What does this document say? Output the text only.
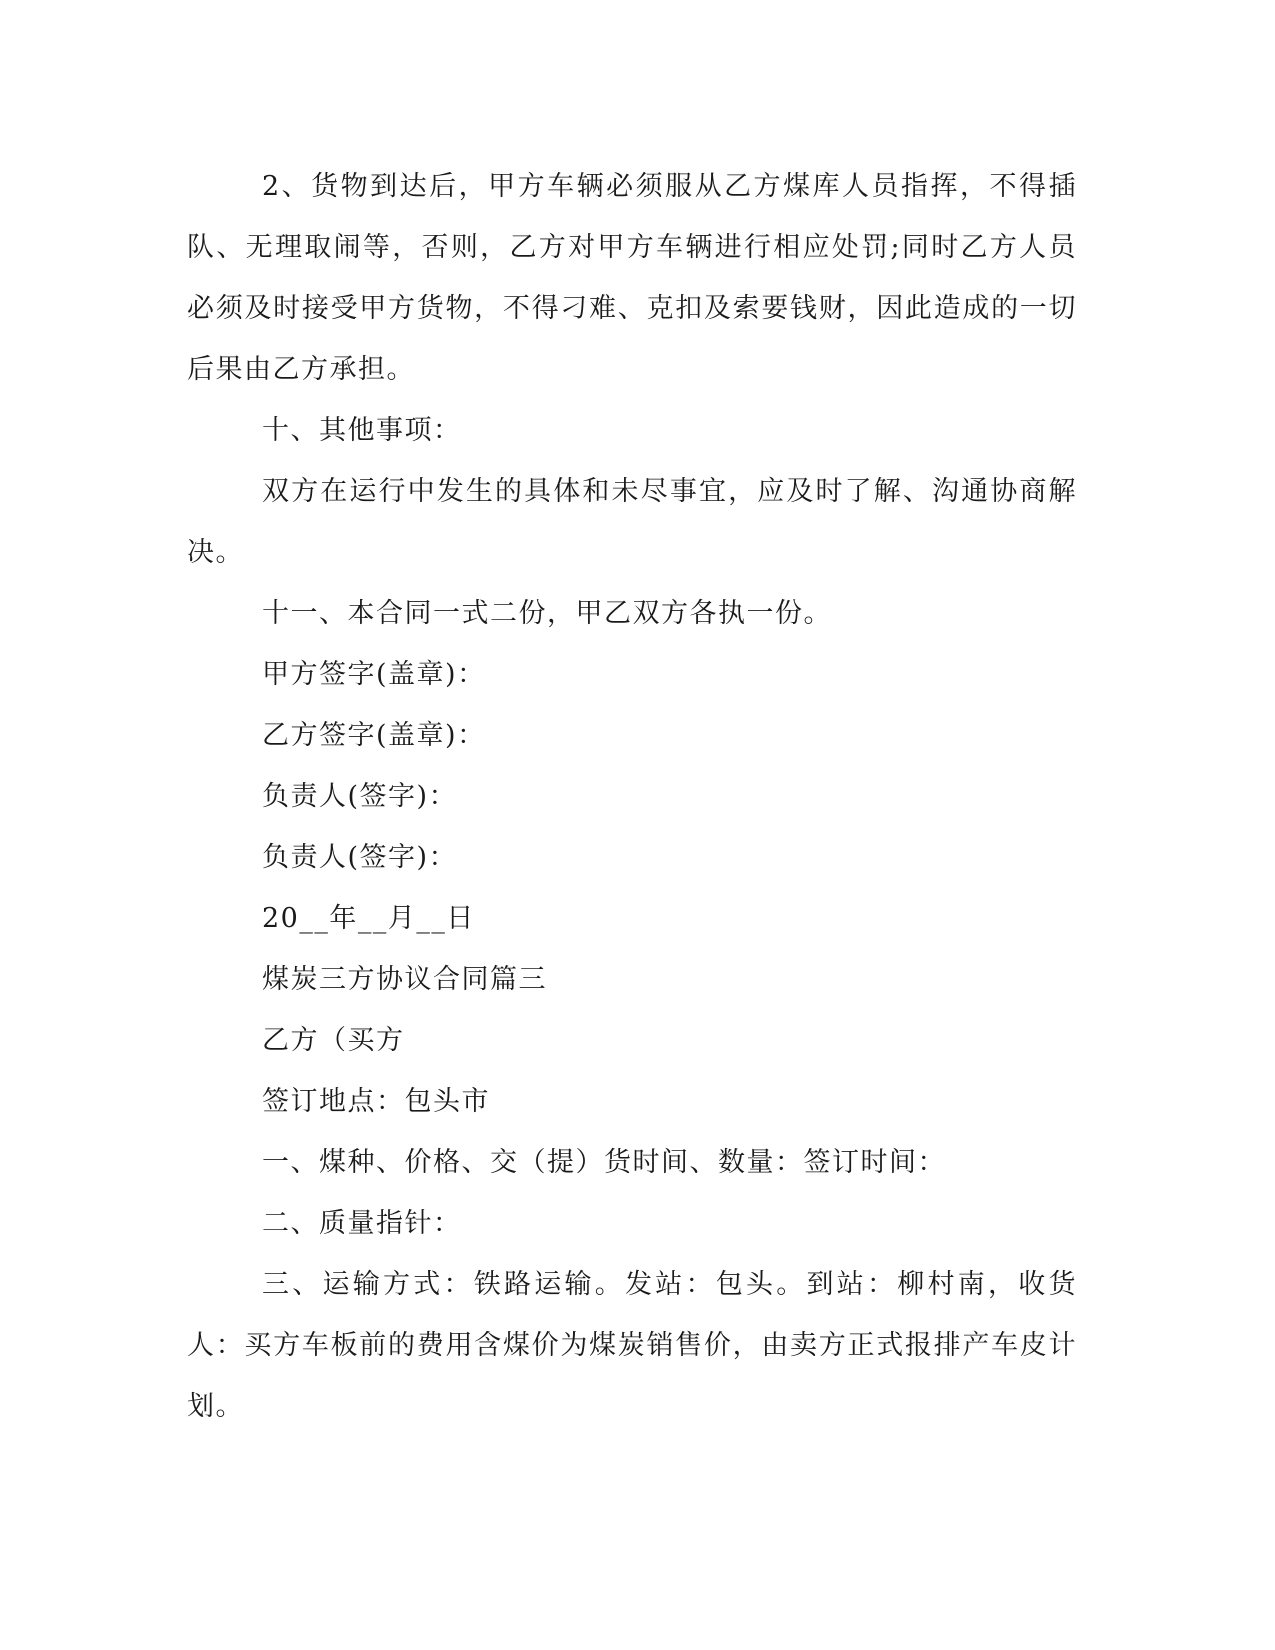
2、货物到达后，甲方车辆必须服从乙方煤库人员指挥，不得插队、无理取闹等，否则，乙方对甲方车辆进行相应处罚;同时乙方人员必须及时接受甲方货物，不得刁难、克扣及索要钱财，因此造成的一切后果由乙方承担。

十、其他事项：

双方在运行中发生的具体和未尽事宜，应及时了解、沟通协商解决。

十一、本合同一式二份，甲乙双方各执一份。

甲方签字(盖章)：

乙方签字(盖章)：

负责人(签字)：

负责人(签字)：

20__年__月__日

煤炭三方协议合同篇三

乙方（买方

签订地点：包头市

一、煤种、价格、交（提）货时间、数量：签订时间：

二、质量指针：

三、运输方式：铁路运输。发站：包头。到站：柳村南，收货人：买方车板前的费用含煤价为煤炭销售价，由卖方正式报排产车皮计划。
